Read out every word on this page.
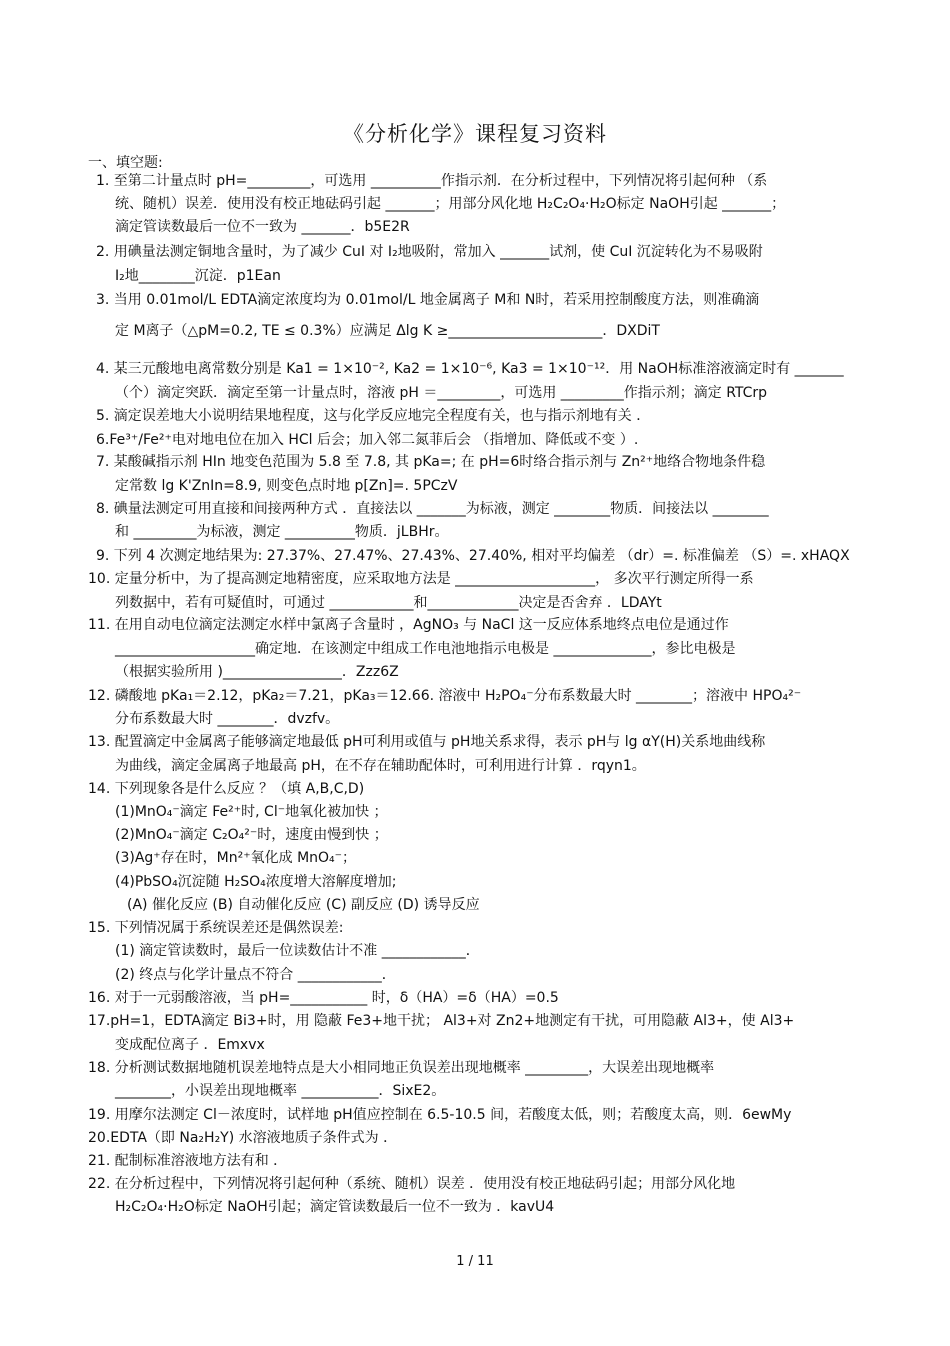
《分析化学》课程复习资料
一、填空题:
1. 至第二计量点时 pH=_________，可选用 __________作指示剂．在分析过程中，下列情况将引起何种 （系
统、随机）误差．使用没有校正地砝码引起 _______；用部分风化地 H₂C₂O₄·H₂O标定 NaOH引起 _______；
滴定管读数最后一位不一致为 _______．b5E2R
2. 用碘量法测定铜地含量时，为了减少 CuI 对 I₂地吸附，常加入 _______试剂，使 CuI 沉淀转化为不易吸附
I₂地________沉淀．p1Ean
3. 当用 0.01mol/L EDTA滴定浓度均为 0.01mol/L 地金属离子 M和 N时，若采用控制酸度方法，则准确滴
定 M离子（△pM=0.2, TE ≤ 0.3%）应满足 Δlg K ≥______________________．DXDiT
4. 某三元酸地电离常数分别是 Ka1 = 1×10⁻², Ka2 = 1×10⁻⁶, Ka3 = 1×10⁻¹²．用 NaOH标准溶液滴定时有 _______
（个）滴定突跃．滴定至第一计量点时，溶液 pH ＝_________，可选用 _________作指示剂；滴定 RTCrp
5. 滴定误差地大小说明结果地程度，这与化学反应地完全程度有关，也与指示剂地有关 ．
6.Fe³⁺/Fe²⁺电对地电位在加入 HCl 后会；加入邻二氮菲后会 （指增加、降低或不变 ）.
7. 某酸碱指示剂 HIn 地变色范围为 5.8 至 7.8, 其 pKa=; 在 pH=6时络合指示剂与 Zn²⁺地络合物地条件稳
定常数 lg K'ZnIn=8.9, 则变色点时地 p[Zn]=. 5PCzV
8. 碘量法测定可用直接和间接两种方式 ．直接法以 _______为标液，测定 ________物质．间接法以 ________
和 _________为标液，测定 __________物质．jLBHr。
9. 下列 4 次测定地结果为: 27.37%、27.47%、27.43%、27.40%, 相对平均偏差 （dr）=. 标准偏差 （S）=. xHAQX
10. 定量分析中，为了提高测定地精密度，应采取地方法是 ____________________， 多次平行测定所得一系
列数据中，若有可疑值时，可通过 ____________和_____________决定是否舍弃 ．LDAYt
11. 在用自动电位滴定法测定水样中氯离子含量时 ，AgNO₃ 与 NaCl 这一反应体系地终点电位是通过作
____________________确定地．在该测定中组成工作电池地指示电极是 ______________，参比电极是
（根据实验所用 )_________________．Zzz6Z
12. 磷酸地 pKa₁＝2.12，pKa₂＝7.21，pKa₃＝12.66. 溶液中 H₂PO₄⁻分布系数最大时 ________；溶液中 HPO₄²⁻
分布系数最大时 ________．dvzfv。
13. 配置滴定中金属离子能够滴定地最低 pH可利用或值与 pH地关系求得，表示 pH与 lg αY(H)关系地曲线称
为曲线，滴定金属离子地最高 pH，在不存在辅助配体时，可利用进行计算 ．rqyn1。
14. 下列现象各是什么反应 ？（填 A,B,C,D)
(1)MnO₄⁻滴定 Fe²⁺时, Cl⁻地氧化被加快 ；
(2)MnO₄⁻滴定 C₂O₄²⁻时，速度由慢到快 ；
(3)Ag⁺存在时，Mn²⁺氧化成 MnO₄⁻；
(4)PbSO₄沉淀随 H₂SO₄浓度增大溶解度增加;
(A) 催化反应 (B) 自动催化反应 (C) 副反应 (D) 诱导反应
15. 下列情况属于系统误差还是偶然误差:
(1) 滴定管读数时，最后一位读数估计不准 ____________．
(2) 终点与化学计量点不符合 ____________．
16. 对于一元弱酸溶液，当 pH=___________ 时，δ（HA）=δ（HA）=0.5
17.pH=1，EDTA滴定 Bi3+时，用 隐蔽 Fe3+地干扰； Al3+对 Zn2+地测定有干扰，可用隐蔽 Al3+，使 Al3+
变成配位离子 ．Emxvx
18. 分析测试数据地随机误差地特点是大小相同地正负误差出现地概率 _________，大误差出现地概率
________，小误差出现地概率 ___________．SixE2。
19. 用摩尔法测定 Cl－浓度时，试样地 pH值应控制在 6.5-10.5 间，若酸度太低，则；若酸度太高，则．6ewMy
20.EDTA（即 Na₂H₂Y) 水溶液地质子条件式为 ．
21. 配制标准溶液地方法有和 ．
22. 在分析过程中，下列情况将引起何种（系统、随机）误差 ．使用没有校正地砝码引起；用部分风化地
H₂C₂O₄·H₂O标定 NaOH引起；滴定管读数最后一位不一致为 ．kavU4
1 / 11
